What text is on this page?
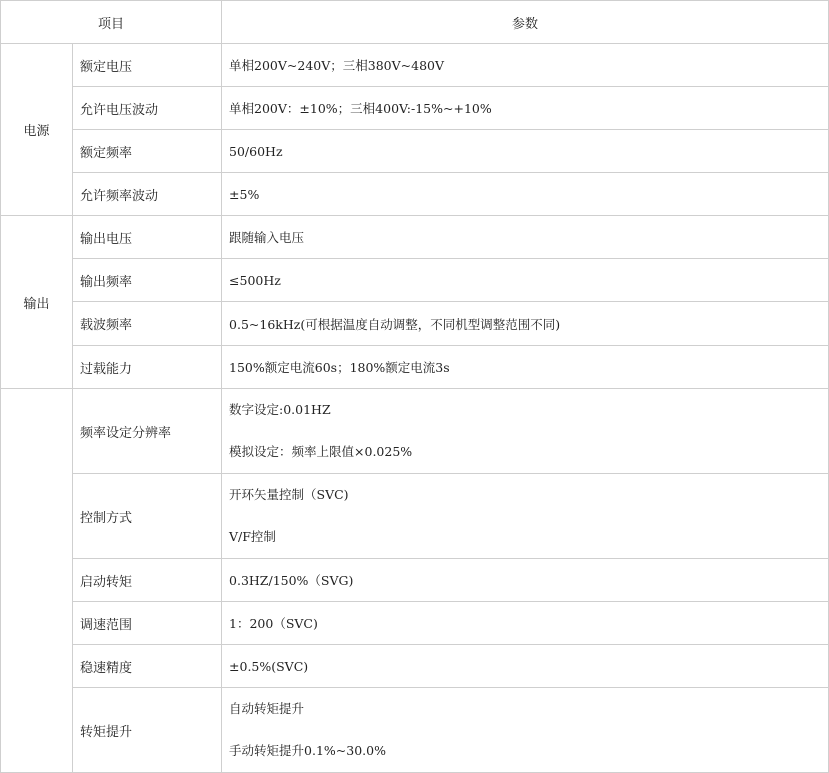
项目		参数
电源	额定电压	单相200V~240V；三相380V~480V
	允许电压波动	单相200V：±10%；三相400V:-15%~+10%
	额定频率	50/60Hz
	允许频率波动	±5%
输出	输出电压	跟随输入电压
	输出频率	≤500Hz
	载波频率	0.5~16kHz(可根据温度自动调整，不同机型调整范围不同)
	过载能力	150%额定电流60s；180%额定电流3s
	频率设定分辨率	数字设定:0.01HZ
模拟设定：频率上限值×0.025%

	控制方式	开环矢量控制（SVC)
V/F控制

	启动转矩	0.3HZ/150%（SVG)
	调速范围	1：200（SVC)
	稳速精度	±0.5%(SVC)
	转矩提升	自动转矩提升
手动转矩提升0.1%~30.0%
